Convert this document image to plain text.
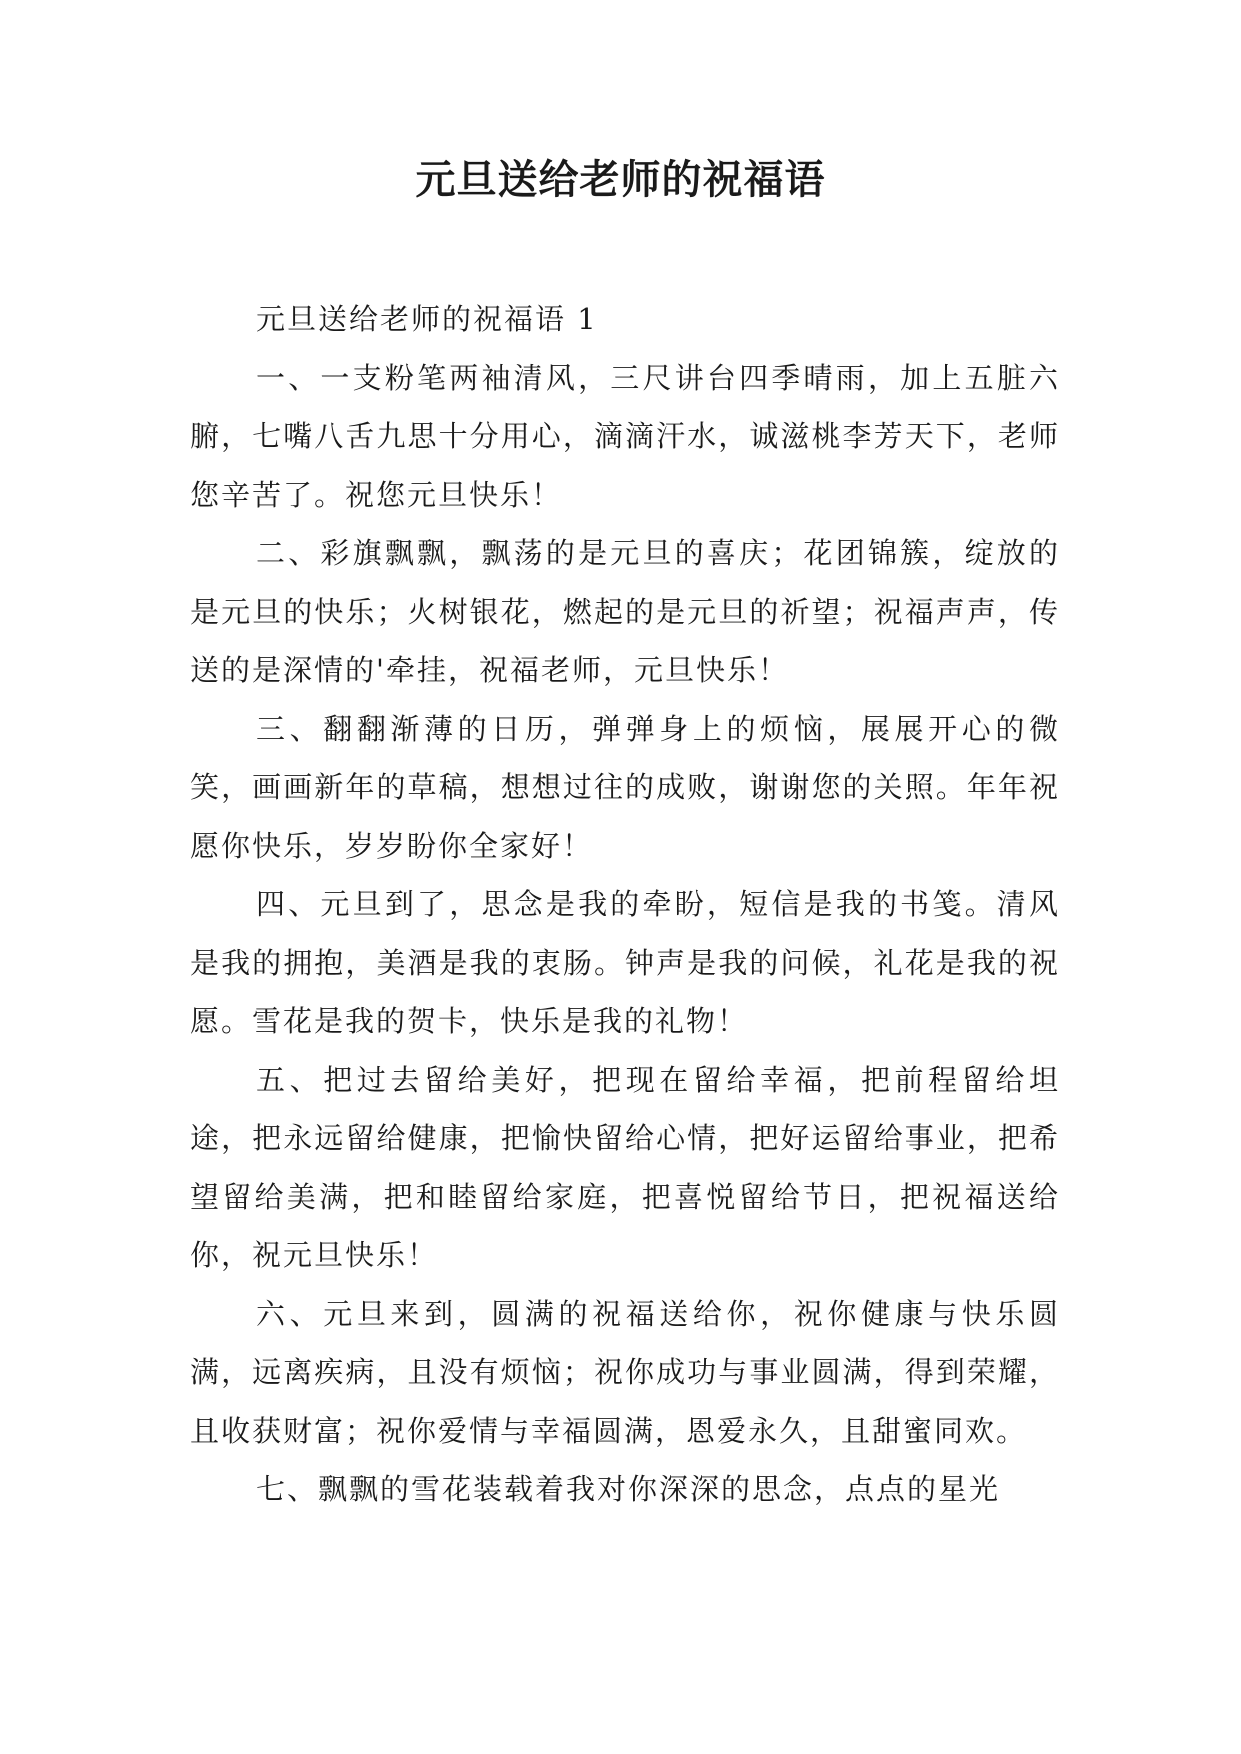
元旦送给老师的祝福语

元旦送给老师的祝福语 1

一、一支粉笔两袖清风，三尺讲台四季晴雨，加上五脏六腑，七嘴八舌九思十分用心，滴滴汗水，诚滋桃李芳天下，老师您辛苦了。祝您元旦快乐！

二、彩旗飘飘，飘荡的是元旦的喜庆；花团锦簇，绽放的是元旦的快乐；火树银花，燃起的是元旦的祈望；祝福声声，传送的是深情的'牵挂，祝福老师，元旦快乐！

三、翻翻渐薄的日历，弹弹身上的烦恼，展展开心的微笑，画画新年的草稿，想想过往的成败，谢谢您的关照。年年祝愿你快乐，岁岁盼你全家好！

四、元旦到了，思念是我的牵盼，短信是我的书笺。清风是我的拥抱，美酒是我的衷肠。钟声是我的问候，礼花是我的祝愿。雪花是我的贺卡，快乐是我的礼物！

五、把过去留给美好，把现在留给幸福，把前程留给坦途，把永远留给健康，把愉快留给心情，把好运留给事业，把希望留给美满，把和睦留给家庭，把喜悦留给节日，把祝福送给你，祝元旦快乐！

六、元旦来到，圆满的祝福送给你，祝你健康与快乐圆满，远离疾病，且没有烦恼；祝你成功与事业圆满，得到荣耀，且收获财富；祝你爱情与幸福圆满，恩爱永久，且甜蜜同欢。

七、飘飘的雪花装载着我对你深深的思念，点点的星光
